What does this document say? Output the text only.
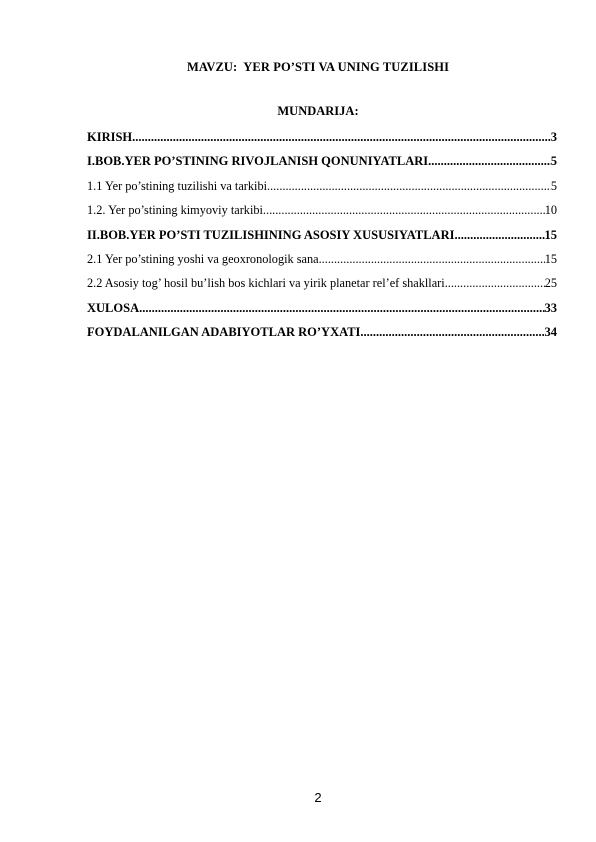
MAVZU:  YER PO’STI VA UNING TUZILISHI
MUNDARIJA:
KIRISH .....	3
I.BOB.YER PO’STINING RIVOJLANISH QONUNIYATLARI .....	5
1.1 Yer po’stining tuzilishi va tarkibi .....	5
1.2. Yer po’stining kimyoviy tarkibi .....	10
II.BOB.YER PO’STI TUZILISHINING ASOSIY XUSUSIYATLARI .....	15
2.1 Yer po’stining yoshi va geoxronologik sana .....	15
2.2 Asosiy tog’ hosil bu’lish bos kichlari va yirik planetar rel’ef shakllari .....	25
XULOSA .....	33
FOYDALANILGAN ADABIYOTLAR RO’YXATI .....	34
2
